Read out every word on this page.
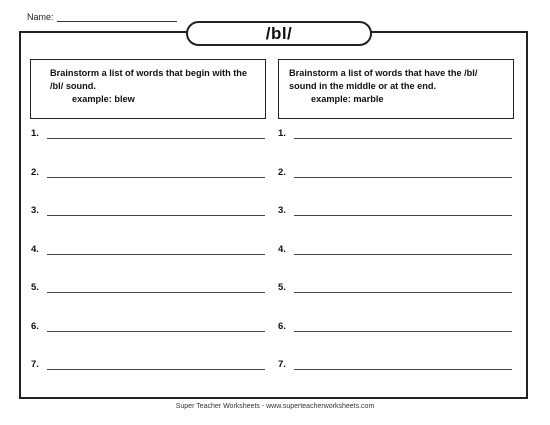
Name:
/bl/
Brainstorm a list of words that begin with the /bl/ sound.
example: blew
Brainstorm a list of words that have the /bl/ sound in the middle or at the end.
example: marble
1.
2.
3.
4.
5.
6.
7.
1.
2.
3.
4.
5.
6.
7.
Super Teacher Worksheets - www.superteacherworksheets.com
